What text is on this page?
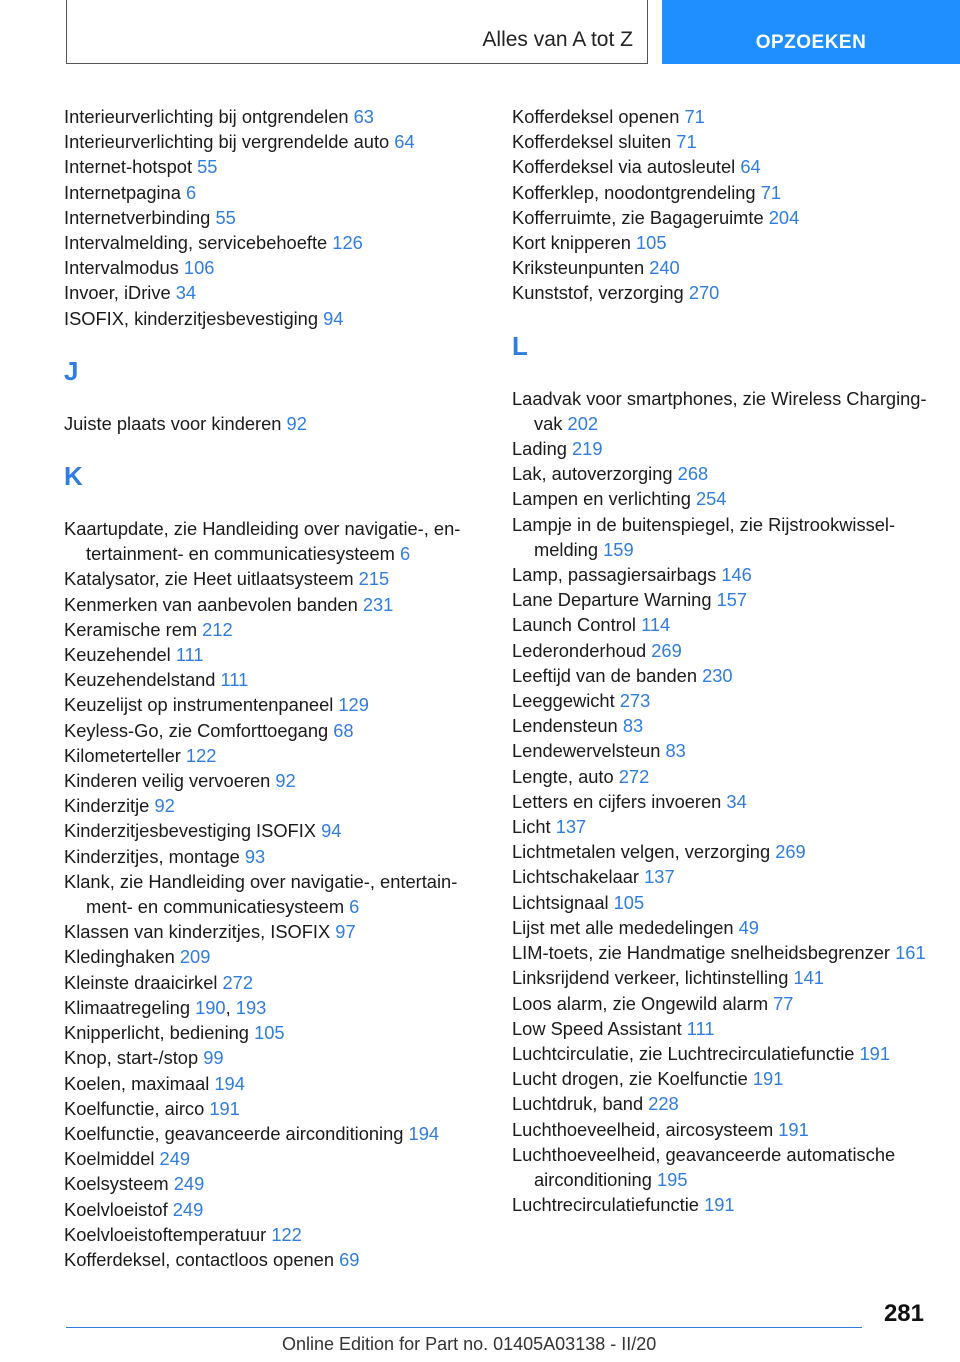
Alles van A tot Z	OPZOEKEN
Interieurverlichting bij ontgrendelen 63
Interieurverlichting bij vergrendelde auto 64
Internet-hotspot 55
Internetpagina 6
Internetverbinding 55
Intervalmelding, servicebehoefte 126
Intervalmodus 106
Invoer, iDrive 34
ISOFIX, kinderzitjesbevestiging 94
J
Juiste plaats voor kinderen 92
K
Kaartupdate, zie Handleiding over navigatie-, entertainment- en communicatiesysteem 6
Katalysator, zie Heet uitlaatsysteem 215
Kenmerken van aanbevolen banden 231
Keramische rem 212
Keuzehendel 111
Keuzehendelstand 111
Keuzelijst op instrumentenpaneel 129
Keyless-Go, zie Comforttoegang 68
Kilometerteller 122
Kinderen veilig vervoeren 92
Kinderzitje 92
Kinderzitjesbevestiging ISOFIX 94
Kinderzitjes, montage 93
Klank, zie Handleiding over navigatie-, entertainment- en communicatiesysteem 6
Klassen van kinderzitjes, ISOFIX 97
Kledinghaken 209
Kleinste draaicirkel 272
Klimaatregeling 190, 193
Knipperlicht, bediening 105
Knop, start-/stop 99
Koelen, maximaal 194
Koelfunctie, airco 191
Koelfunctie, geavanceerde airconditioning 194
Koelmiddel 249
Koelsysteem 249
Koelvloeistof 249
Koelvloeistoftemperatuur 122
Kofferdeksel, contactloos openen 69
Kofferdeksel openen 71
Kofferdeksel sluiten 71
Kofferdeksel via autosleutel 64
Kofferklep, noodontgrendeling 71
Kofferruimte, zie Bagageruimte 204
Kort knipperen 105
Kriksteunpunten 240
Kunststof, verzorging 270
L
Laadvak voor smartphones, zie Wireless Charging-vak 202
Lading 219
Lak, autoverzorging 268
Lampen en verlichting 254
Lampje in de buitenspiegel, zie Rijstrookwisselmelding 159
Lamp, passagiersairbags 146
Lane Departure Warning 157
Launch Control 114
Lederonderhoud 269
Leeftijd van de banden 230
Leeggewicht 273
Lendensteun 83
Lendewervelsteun 83
Lengte, auto 272
Letters en cijfers invoeren 34
Licht 137
Lichtmetalen velgen, verzorging 269
Lichtschakelaar 137
Lichtsignaal 105
Lijst met alle mededelingen 49
LIM-toets, zie Handmatige snelheidsbegrenzer 161
Linksrijdend verkeer, lichtinstelling 141
Loos alarm, zie Ongewild alarm 77
Low Speed Assistant 111
Luchtcirculatie, zie Luchtrecirculatiefunctie 191
Lucht drogen, zie Koelfunctie 191
Luchtdruk, band 228
Luchthoeveelheid, aircosysteem 191
Luchthoeveelheid, geavanceerde automatische airconditioning 195
Luchtrecirculatiefunctie 191
281
Online Edition for Part no. 01405A03138 - II/20
